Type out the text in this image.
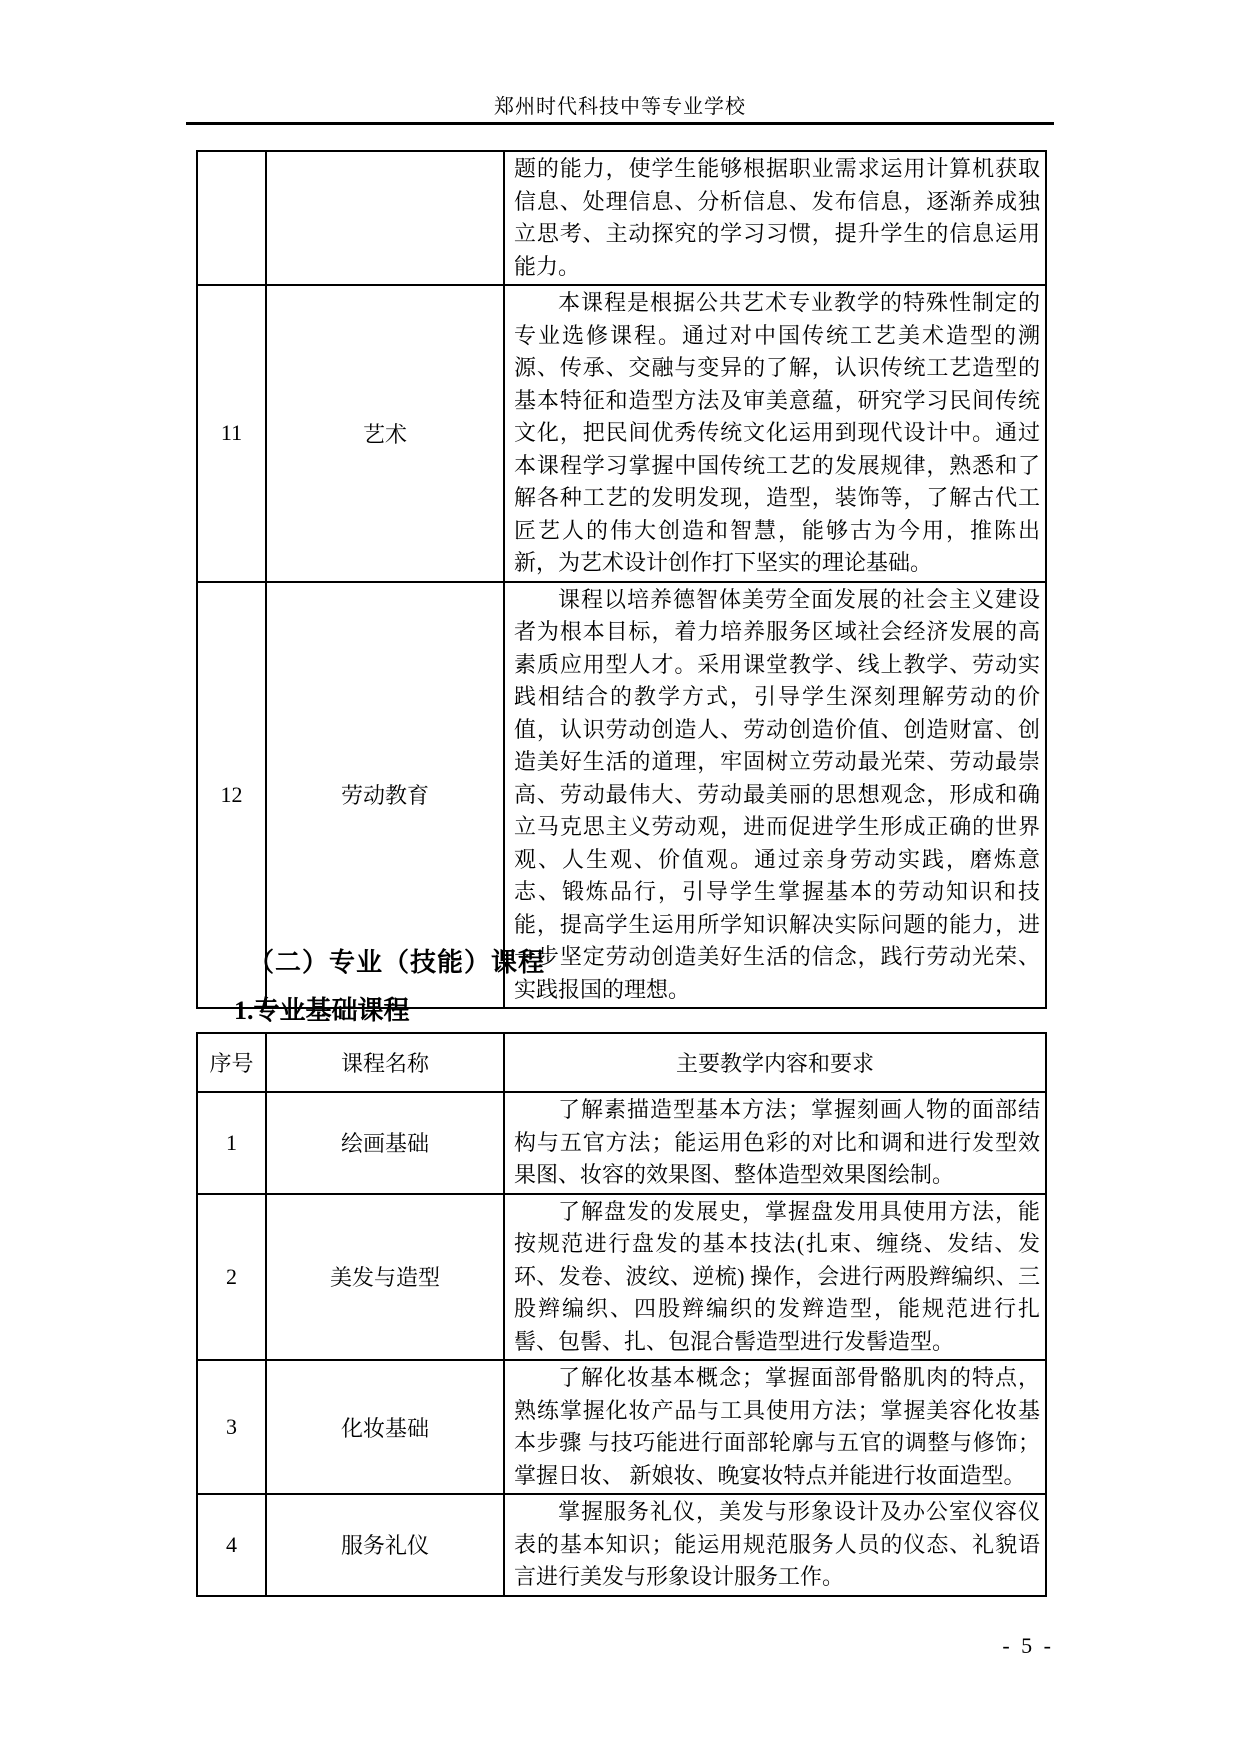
郑州时代科技中等专业学校
		题的能力，使学生能够根据职业需求运用计算机获取信息、处理信息、分析信息、发布信息，逐渐养成独立思考、主动探究的学习习惯，提升学生的信息运用能力。
11	艺术	本课程是根据公共艺术专业教学的特殊性制定的专业选修课程。通过对中国传统工艺美术造型的溯源、传承、交融与变异的了解，认识传统工艺造型的基本特征和造型方法及审美意蕴，研究学习民间传统文化，把民间优秀传统文化运用到现代设计中。通过本课程学习掌握中国传统工艺的发展规律，熟悉和了解各种工艺的发明发现，造型，装饰等，了解古代工匠艺人的伟大创造和智慧，能够古为今用，推陈出新，为艺术设计创作打下坚实的理论基础。
12	劳动教育	课程以培养德智体美劳全面发展的社会主义建设者为根本目标，着力培养服务区域社会经济发展的高素质应用型人才。采用课堂教学、线上教学、劳动实践相结合的教学方式，引导学生深刻理解劳动的价值，认识劳动创造人、劳动创造价值、创造财富、创造美好生活的道理，牢固树立劳动最光荣、劳动最崇高、劳动最伟大、劳动最美丽的思想观念，形成和确立马克思主义劳动观，进而促进学生形成正确的世界观、人生观、价值观。通过亲身劳动实践，磨炼意志、锻炼品行，引导学生掌握基本的劳动知识和技能，提高学生运用所学知识解决实际问题的能力，进一步坚定劳动创造美好生活的信念，践行劳动光荣、实践报国的理想。
（二）专业（技能）课程
1.专业基础课程
序号	课程名称	主要教学内容和要求
1	绘画基础	了解素描造型基本方法；掌握刻画人物的面部结构与五官方法；能运用色彩的对比和调和进行发型效果图、妆容的效果图、整体造型效果图绘制。
2	美发与造型	了解盘发的发展史，掌握盘发用具使用方法，能按规范进行盘发的基本技法(扎束、缠绕、发结、发环、发卷、波纹、逆梳) 操作，会进行两股辫编织、三股辫编织、四股辫编织的发辫造型，能规范进行扎髻、包髻、扎、包混合髻造型进行发髻造型。
3	化妆基础	了解化妆基本概念；掌握面部骨骼肌肉的特点，熟练掌握化妆产品与工具使用方法；掌握美容化妆基本步骤 与技巧能进行面部轮廓与五官的调整与修饰；掌握日妆、 新娘妆、晚宴妆特点并能进行妆面造型。
4	服务礼仪	掌握服务礼仪，美发与形象设计及办公室仪容仪表的基本知识；能运用规范服务人员的仪态、礼貌语言进行美发与形象设计服务工作。
- 5 -
